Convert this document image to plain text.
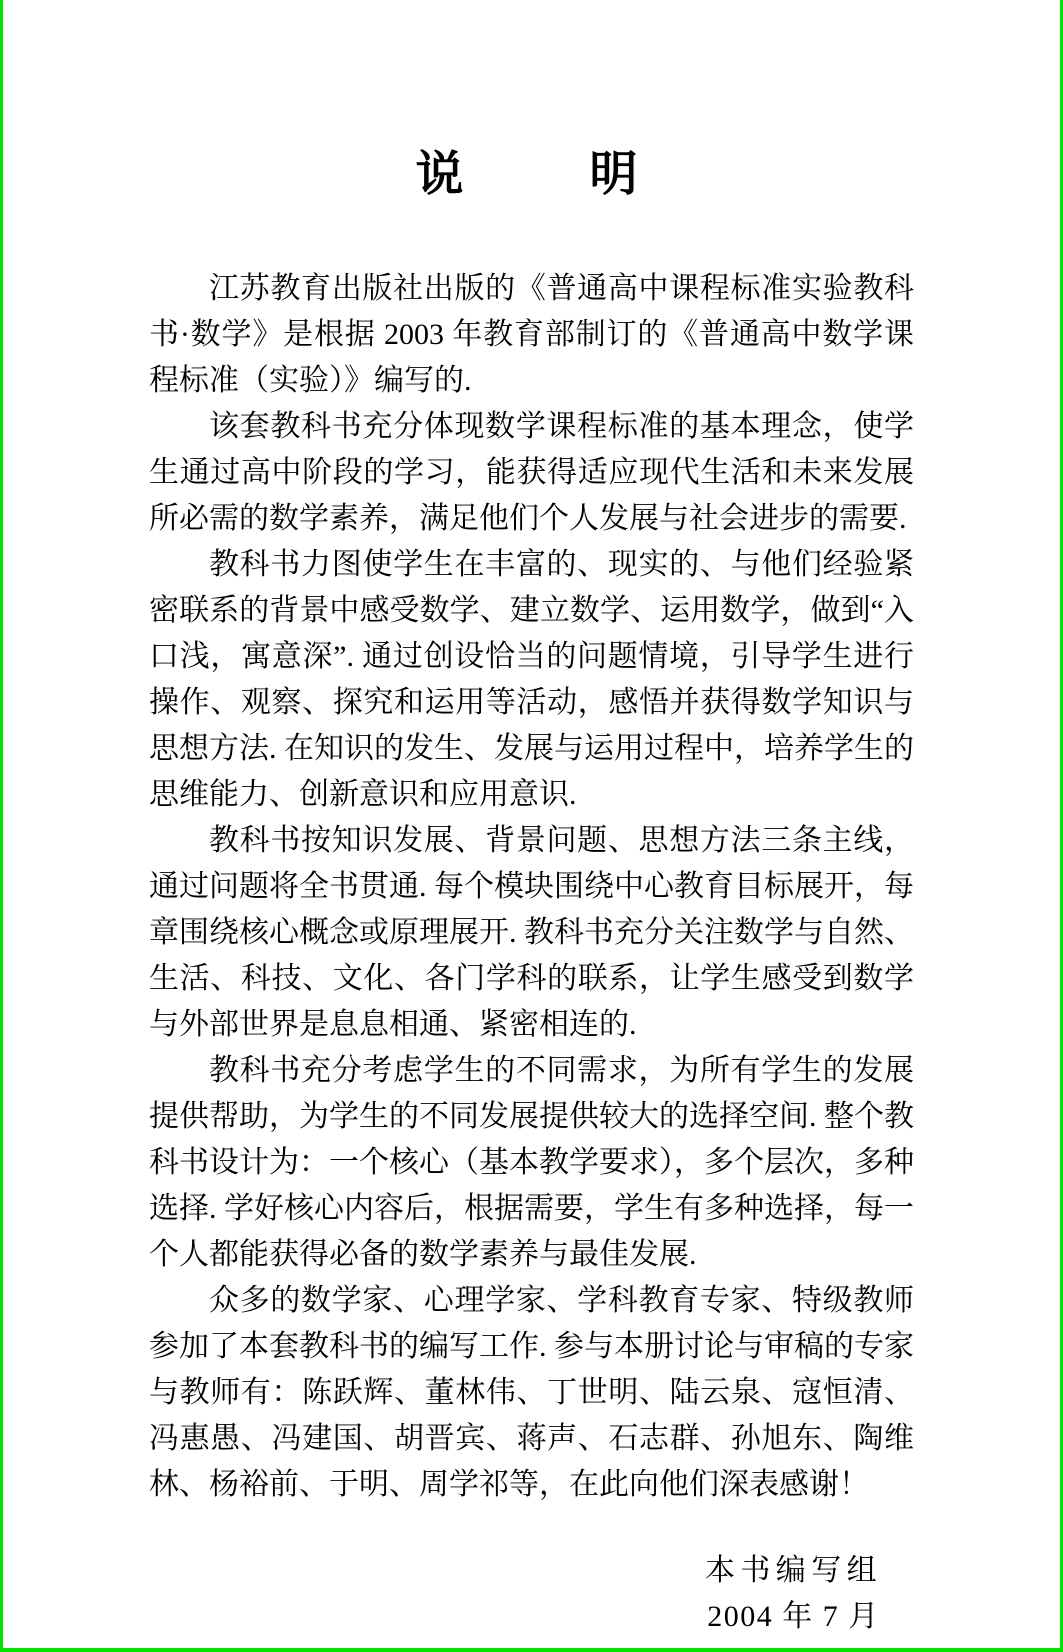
说　　明

江苏教育出版社出版的《普通高中课程标准实验教科书·数学》是根据 2003 年教育部制订的《普通高中数学课程标准（实验）》编写的.

该套教科书充分体现数学课程标准的基本理念，使学生通过高中阶段的学习，能获得适应现代生活和未来发展所必需的数学素养，满足他们个人发展与社会进步的需要.

教科书力图使学生在丰富的、现实的、与他们经验紧密联系的背景中感受数学、建立数学、运用数学，做到“入口浅，寓意深”. 通过创设恰当的问题情境，引导学生进行操作、观察、探究和运用等活动，感悟并获得数学知识与思想方法. 在知识的发生、发展与运用过程中，培养学生的思维能力、创新意识和应用意识.

教科书按知识发展、背景问题、思想方法三条主线，通过问题将全书贯通. 每个模块围绕中心教育目标展开，每章围绕核心概念或原理展开. 教科书充分关注数学与自然、生活、科技、文化、各门学科的联系，让学生感受到数学与外部世界是息息相通、紧密相连的.

教科书充分考虑学生的不同需求，为所有学生的发展提供帮助，为学生的不同发展提供较大的选择空间. 整个教科书设计为：一个核心（基本教学要求），多个层次，多种选择. 学好核心内容后，根据需要，学生有多种选择，每一个人都能获得必备的数学素养与最佳发展.

众多的数学家、心理学家、学科教育专家、特级教师参加了本套教科书的编写工作. 参与本册讨论与审稿的专家与教师有：陈跃辉、董林伟、丁世明、陆云泉、寇恒清、冯惠愚、冯建国、胡晋宾、蒋声、石志群、孙旭东、陶维林、杨裕前、于明、周学祁等，在此向他们深表感谢！

本书编写组
2004 年 7 月
